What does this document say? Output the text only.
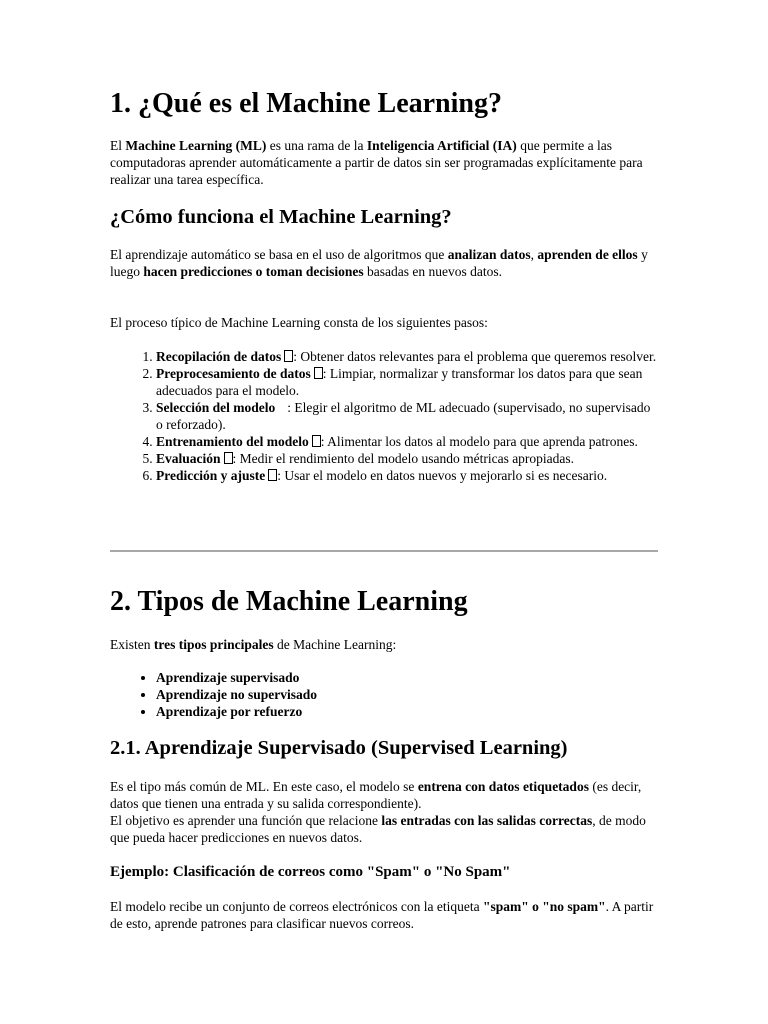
1. ¿Qué es el Machine Learning?

El Machine Learning (ML) es una rama de la Inteligencia Artificial (IA) que permite a las computadoras aprender automáticamente a partir de datos sin ser programadas explícitamente para realizar una tarea específica.

¿Cómo funciona el Machine Learning?

El aprendizaje automático se basa en el uso de algoritmos que analizan datos, aprenden de ellos y luego hacen predicciones o toman decisiones basadas en nuevos datos.

El proceso típico de Machine Learning consta de los siguientes pasos:

1. Recopilación de datos : Obtener datos relevantes para el problema que queremos resolver.
2. Preprocesamiento de datos : Limpiar, normalizar y transformar los datos para que sean adecuados para el modelo.
3. Selección del modelo : Elegir el algoritmo de ML adecuado (supervisado, no supervisado o reforzado).
4. Entrenamiento del modelo : Alimentar los datos al modelo para que aprenda patrones.
5. Evaluación : Medir el rendimiento del modelo usando métricas apropiadas.
6. Predicción y ajuste : Usar el modelo en datos nuevos y mejorarlo si es necesario.
2. Tipos de Machine Learning

Existen tres tipos principales de Machine Learning:

• Aprendizaje supervisado
• Aprendizaje no supervisado
• Aprendizaje por refuerzo
2.1. Aprendizaje Supervisado (Supervised Learning)

Es el tipo más común de ML. En este caso, el modelo se entrena con datos etiquetados (es decir, datos que tienen una entrada y su salida correspondiente).

El objetivo es aprender una función que relacione las entradas con las salidas correctas, de modo que pueda hacer predicciones en nuevos datos.

Ejemplo: Clasificación de correos como "Spam" o "No Spam"

El modelo recibe un conjunto de correos electrónicos con la etiqueta "spam" o "no spam". A partir de esto, aprende patrones para clasificar nuevos correos.
